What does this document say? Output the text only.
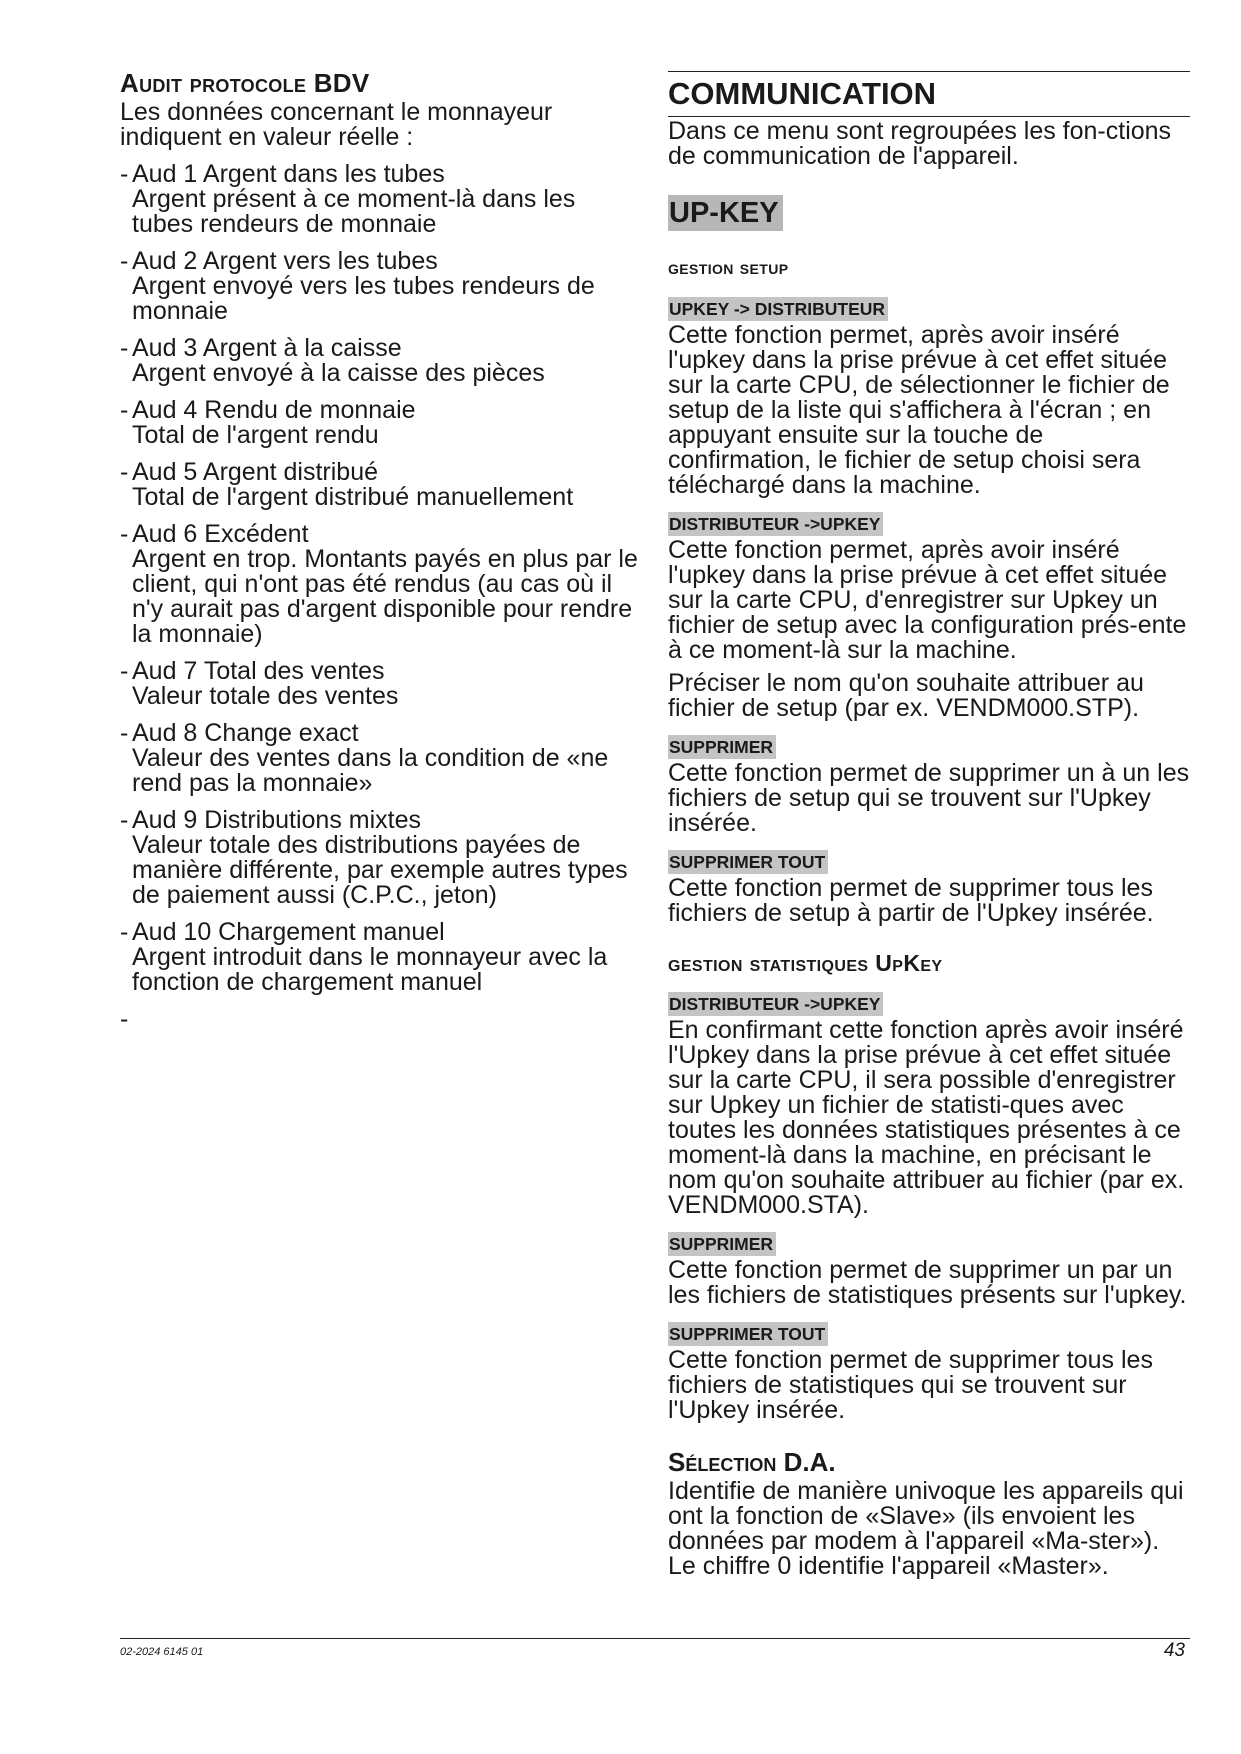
Audit protocole BDV
Les données concernant le monnayeur indiquent en valeur réelle :
- Aud 1 Argent dans les tubes
Argent présent à ce moment-là dans les tubes rendeurs de monnaie
- Aud 2 Argent vers les tubes
Argent envoyé vers les tubes rendeurs de monnaie
- Aud 3 Argent à la caisse
Argent envoyé à la caisse des pièces
- Aud 4 Rendu de monnaie
Total de l'argent rendu
- Aud 5 Argent distribué
Total de l'argent distribué manuellement
- Aud 6 Excédent
Argent en trop. Montants payés en plus par le client, qui n'ont pas été rendus (au cas où il n'y aurait pas d'argent disponible pour rendre la monnaie)
- Aud 7 Total des ventes
Valeur totale des ventes
- Aud 8 Change exact
Valeur des ventes dans la condition de «ne rend pas la monnaie»
- Aud 9 Distributions mixtes
Valeur totale des distributions payées de manière différente, par exemple autres types de paiement aussi (C.P.C., jeton)
- Aud 10 Chargement manuel
Argent introduit dans le monnayeur avec la fonction de chargement manuel
-
COMMUNICATION
Dans ce menu sont regroupées les fon-ctions de communication de l'appareil.
UP-KEY
gestion setup
UPKEY -> DISTRIBUTEUR
Cette fonction permet, après avoir inséré l'upkey dans la prise prévue à cet effet située sur la carte CPU, de sélectionner le fichier de setup de la liste qui s'affichera à l'écran ; en appuyant ensuite sur la touche de confirmation, le fichier de setup choisi sera téléchargé dans la machine.
DISTRIBUTEUR ->UPKEY
Cette fonction permet, après avoir inséré l'upkey dans la prise prévue à cet effet située sur la carte CPU, d'enregistrer sur Upkey un fichier de setup avec la configuration prés-ente à ce moment-là sur la machine.
Préciser le nom qu'on souhaite attribuer au fichier de setup (par ex. VENDM000.STP).
SUPPRIMER
Cette fonction permet de supprimer un à un les fichiers de setup qui se trouvent sur l'Upkey insérée.
SUPPRIMER TOUT
Cette fonction permet de supprimer tous les fichiers de setup à partir de l'Upkey insérée.
gestion statistiques UpKey
DISTRIBUTEUR ->UPKEY
En confirmant cette fonction après avoir inséré l'Upkey dans la prise prévue à cet effet située sur la carte CPU, il sera possible d'enregistrer sur Upkey un fichier de statisti-ques avec toutes les données statistiques présentes à ce moment-là dans la machine, en précisant le nom qu'on souhaite attribuer au fichier (par ex. VENDM000.STA).
SUPPRIMER
Cette fonction permet de supprimer un par un les fichiers de statistiques présents sur l'upkey.
SUPPRIMER TOUT
Cette fonction permet de supprimer tous les fichiers de statistiques qui se trouvent sur l'Upkey insérée.
Sélection D.A.
Identifie de manière univoque les appareils qui ont la fonction de «Slave» (ils envoient les données par modem à l'appareil «Ma-ster»).
Le chiffre 0 identifie l'appareil «Master».
02-2024 6145 01	43
